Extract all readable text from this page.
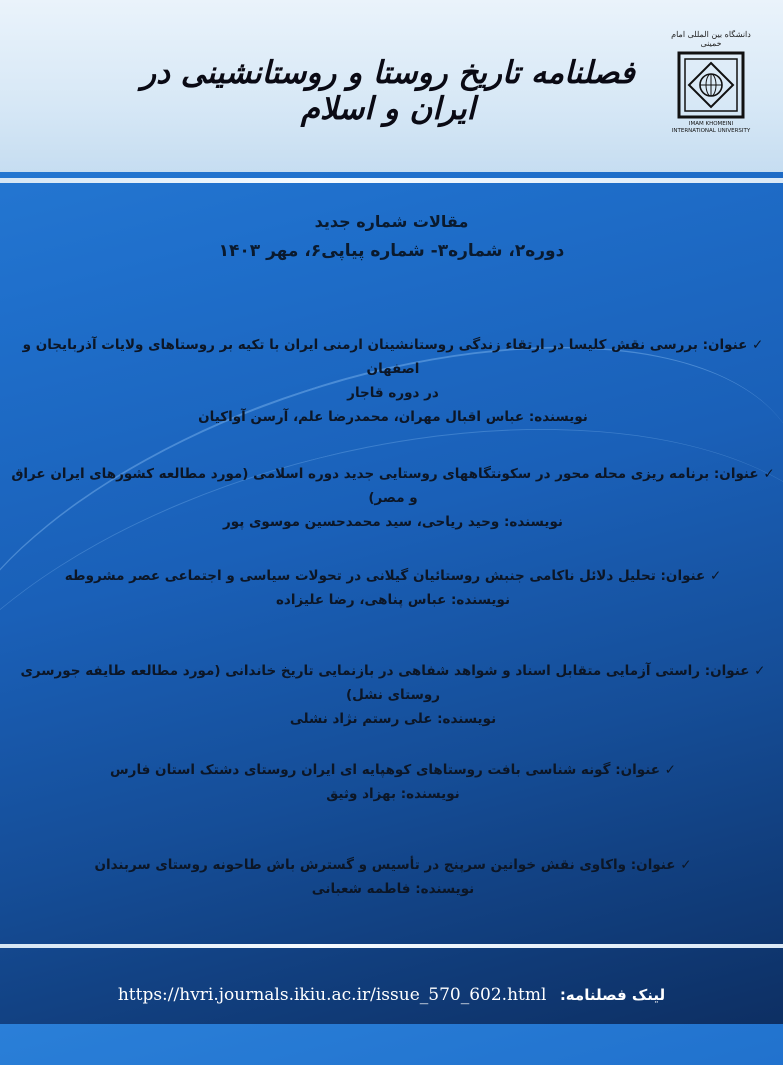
فصلنامه تاریخ روستا و روستانشینی در ایران و اسلام
دانشگاه بین المللی امام خمینی
IMAM KHOMEINI
INTERNATIONAL UNIVERSITY
مقالات شماره جدید
دوره۲، شماره۳- شماره پیاپی۶، مهر ۱۴۰۳
✓ عنوان: بررسی نقش کلیسا در ارتقاء زندگی روستانشینان ارمنی ایران با تکیه بر روستاهای ولایات آذربایجان و اصفهان
در دوره قاجار
نویسنده: عباس اقبال مهران، محمدرضا علم، آرسن آواکیان
✓ عنوان: برنامه ریزی محله محور در سکونتگاههای روستایی جدید دوره اسلامی (مورد مطالعه کشورهای ایران عراق و مصر)
نویسنده: وحید ریاحی، سید محمدحسین موسوی پور
✓ عنوان: تحلیل دلائل ناکامی جنبش روستائیان گیلانی در تحولات سیاسی و اجتماعی عصر مشروطه
نویسنده: عباس پناهی، رضا علیزاده
✓ عنوان: راستی آزمایی متقابل اسناد و شواهد شفاهی در بازنمایی تاریخ خاندانی (مورد مطالعه طایفه جورسری روستای نشل)
نویسنده: علی رستم نژاد نشلی
✓ عنوان: گونه شناسی بافت روستاهای کوهپایه ای ایران روستای دشتک استان فارس
نویسنده: بهزاد وثیق
✓ عنوان: واکاوی نقش خوانین سرپنج در تأسیس و گسترش باش طاحونه روستای سربندان
نویسنده: فاطمه شعبانی
https://hvri.journals.ikiu.ac.ir/issue_570_602.html لینک فصلنامه:
